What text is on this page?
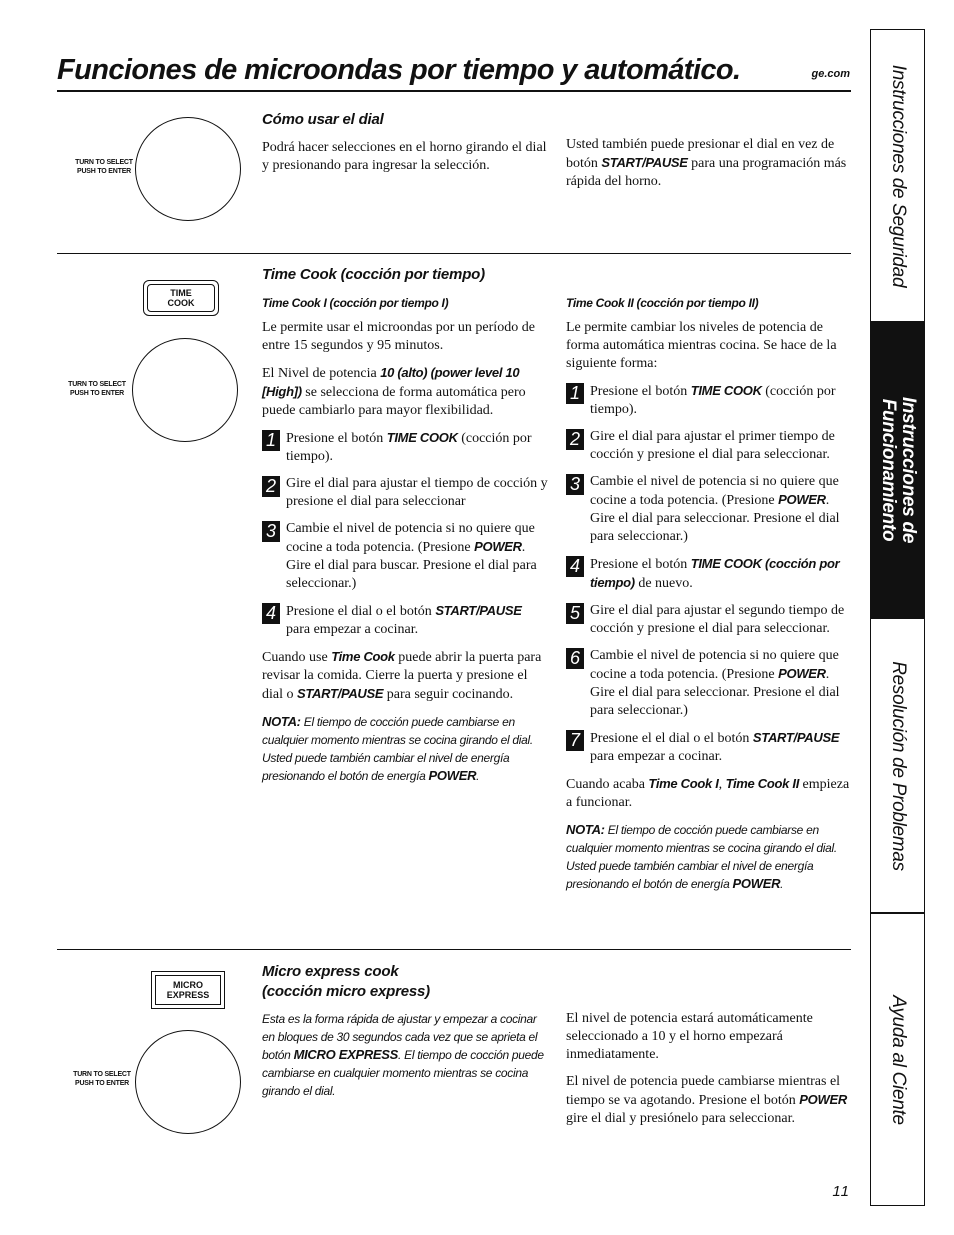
Funciones de microondas por tiempo y automático.	ge.com
TURN TO SELECT
PUSH TO ENTER
Cómo usar el dial
Podrá hacer selecciones en el horno girando el dial y presionando para ingresar la selección.
Usted también puede presionar el dial en vez de botón START/PAUSE para una programación más rápida del horno.
TIME
COOK
TURN TO SELECT
PUSH TO ENTER
Time Cook (cocción por tiempo)
Time Cook I (cocción por tiempo I)

Le permite usar el microondas por un período de entre 15 segundos y 95 minutos.

El Nivel de potencia 10 (alto) (power level 10 [High]) se selecciona de forma automática pero puede cambiarlo para mayor flexibilidad.

1 Presione el botón TIME COOK (cocción por tiempo).
2 Gire el dial para ajustar el tiempo de cocción y presione el dial para seleccionar
3 Cambie el nivel de potencia si no quiere que cocine a toda potencia. (Presione POWER. Gire el dial para buscar. Presione el dial para seleccionar.)
4 Presione el dial o el botón START/PAUSE para empezar a cocinar.

Cuando use Time Cook puede abrir la puerta para revisar la comida. Cierre la puerta y presione el dial o START/PAUSE para seguir cocinando.

NOTA: El tiempo de cocción puede cambiarse en cualquier momento mientras se cocina girando el dial. Usted puede también cambiar el nivel de energía presionando el botón de energía POWER.
Time Cook II (cocción por tiempo II)

Le permite cambiar los niveles de potencia de forma automática mientras cocina. Se hace de la siguiente forma:

1 Presione el botón TIME COOK (cocción por tiempo).
2 Gire el dial para ajustar el primer tiempo de cocción y presione el dial para seleccionar.
3 Cambie el nivel de potencia si no quiere que cocine a toda potencia. (Presione POWER. Gire el dial para seleccionar. Presione el dial para seleccionar.)
4 Presione el botón TIME COOK (cocción por tiempo) de nuevo.
5 Gire el dial para ajustar el segundo tiempo de cocción y presione el dial para seleccionar.
6 Cambie el nivel de potencia si no quiere que cocine a toda potencia. (Presione POWER. Gire el dial para seleccionar. Presione el dial para seleccionar.)
7 Presione el el dial o el botón START/PAUSE para empezar a cocinar.

Cuando acaba Time Cook I, Time Cook II empieza a funcionar.

NOTA: El tiempo de cocción puede cambiarse en cualquier momento mientras se cocina girando el dial. Usted puede también cambiar el nivel de energía presionando el botón de energía POWER.
MICRO
EXPRESS
TURN TO SELECT
PUSH TO ENTER
Micro express cook
(cocción micro express)
Esta es la forma rápida de ajustar y empezar a cocinar en bloques de 30 segundos cada vez que se aprieta el botón MICRO EXPRESS. El tiempo de cocción puede cambiarse en cualquier momento mientras se cocina girando el dial.

El nivel de potencia estará automáticamente seleccionado a 10 y el horno empezará inmediatamente.

El nivel de potencia puede cambiarse mientras el tiempo se va agotando. Presione el botón POWER gire el dial y presiónelo para seleccionar.

11
Instrucciones de Seguridad
Instrucciones de
Funcionamiento
Resolución de Problemas
Ayuda al Ciente
